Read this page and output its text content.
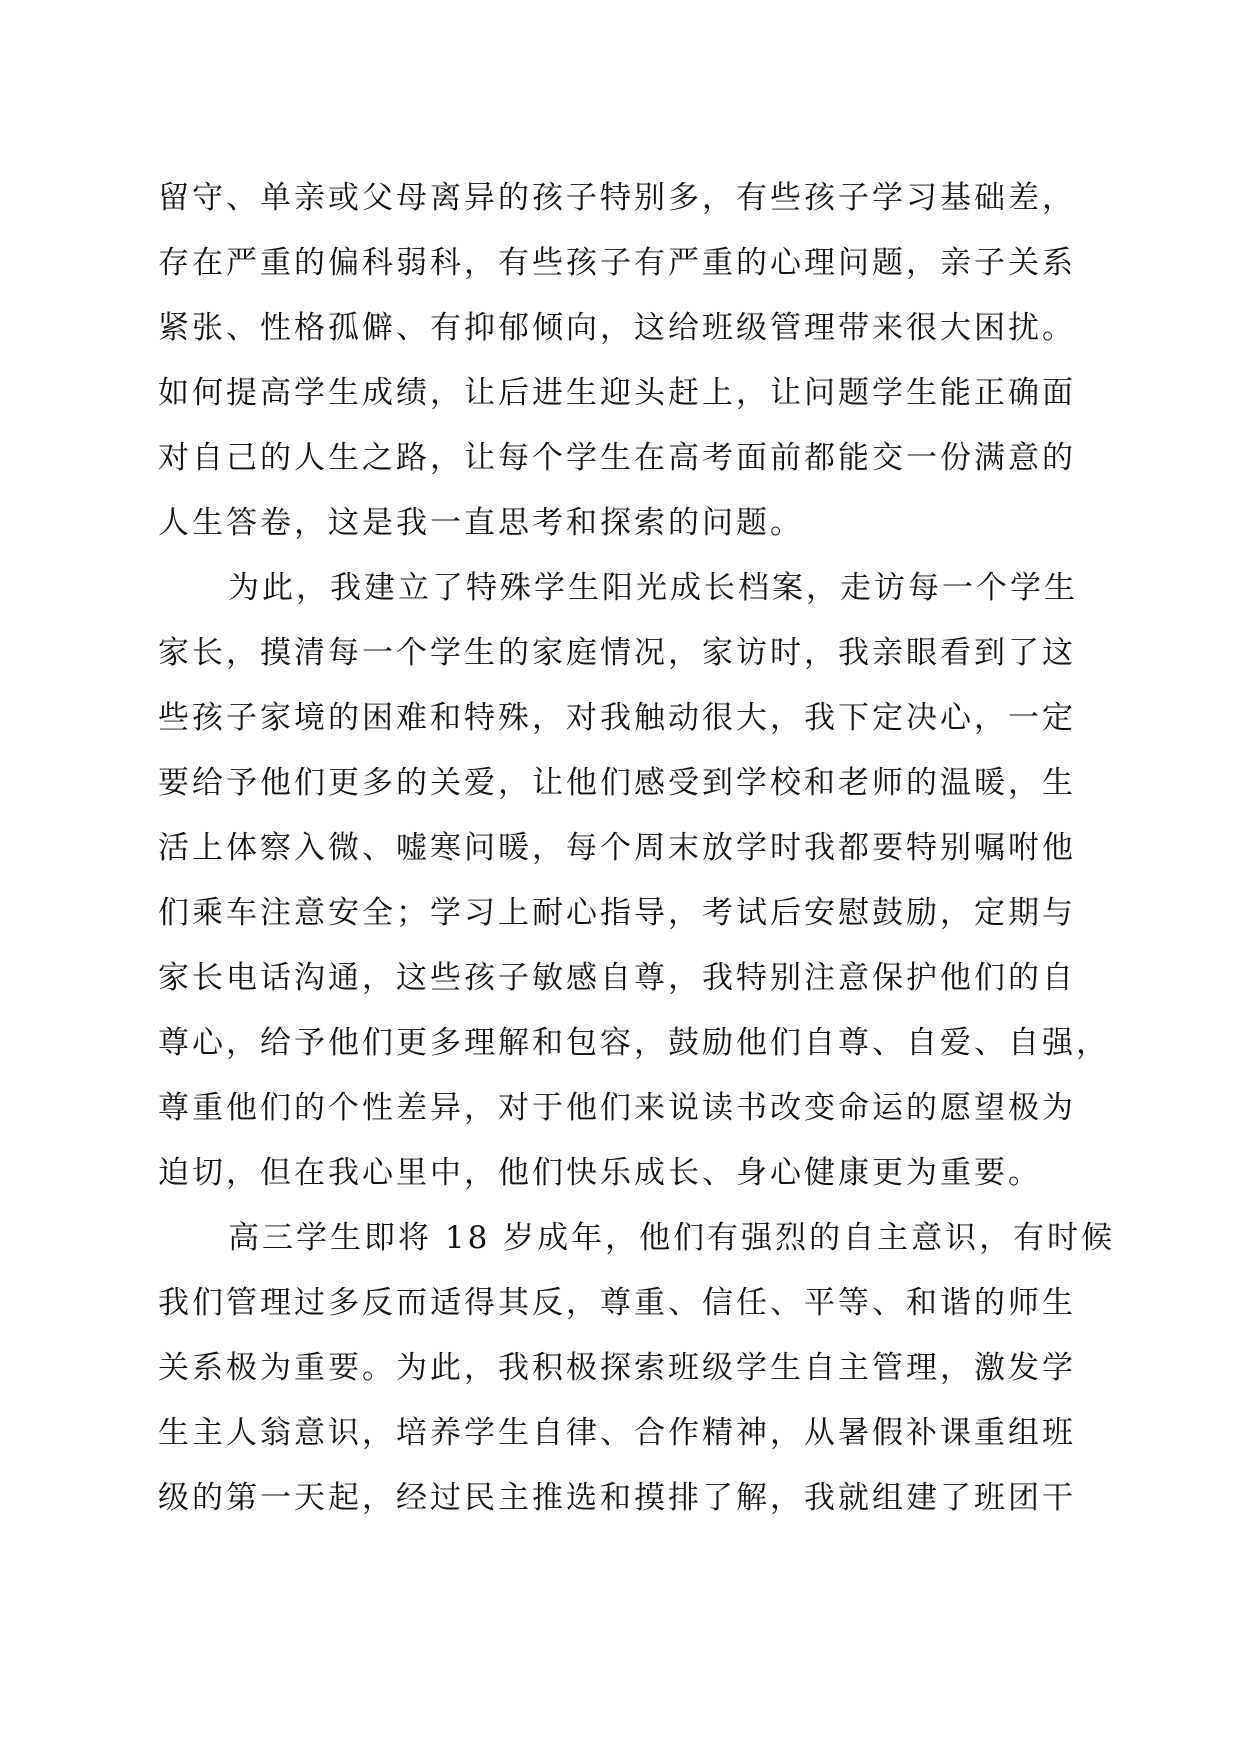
留守、单亲或父母离异的孩子特别多，有些孩子学习基础差，
存在严重的偏科弱科，有些孩子有严重的心理问题，亲子关系
紧张、性格孤僻、有抑郁倾向，这给班级管理带来很大困扰。
如何提高学生成绩，让后进生迎头赶上，让问题学生能正确面
对自己的人生之路，让每个学生在高考面前都能交一份满意的
人生答卷，这是我一直思考和探索的问题。
为此，我建立了特殊学生阳光成长档案，走访每一个学生
家长，摸清每一个学生的家庭情况，家访时，我亲眼看到了这
些孩子家境的困难和特殊，对我触动很大，我下定决心，一定
要给予他们更多的关爱，让他们感受到学校和老师的温暖，生
活上体察入微、嘘寒问暖，每个周末放学时我都要特别嘱咐他
们乘车注意安全；学习上耐心指导，考试后安慰鼓励，定期与
家长电话沟通，这些孩子敏感自尊，我特别注意保护他们的自
尊心，给予他们更多理解和包容，鼓励他们自尊、自爱、自强，
尊重他们的个性差异，对于他们来说读书改变命运的愿望极为
迫切，但在我心里中，他们快乐成长、身心健康更为重要。
高三学生即将 18 岁成年，他们有强烈的自主意识，有时候
我们管理过多反而适得其反，尊重、信任、平等、和谐的师生
关系极为重要。为此，我积极探索班级学生自主管理，激发学
生主人翁意识，培养学生自律、合作精神，从暑假补课重组班
级的第一天起，经过民主推选和摸排了解，我就组建了班团干
